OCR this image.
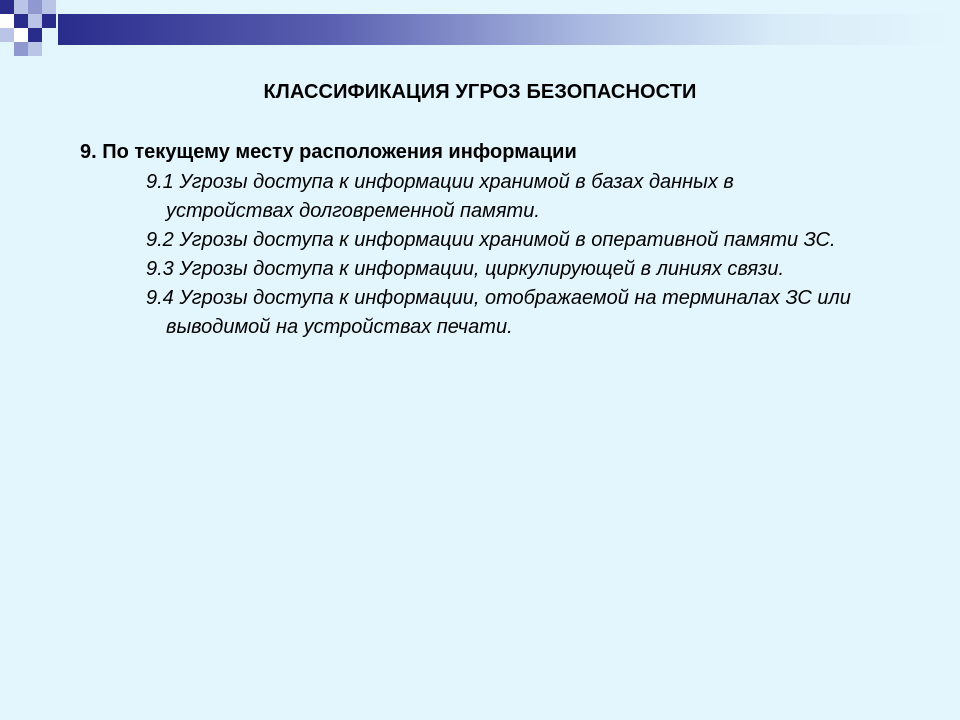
КЛАССИФИКАЦИЯ УГРОЗ БЕЗОПАСНОСТИ
9. По текущему месту расположения информации
9.1 Угрозы доступа к информации хранимой в базах данных в устройствах долговременной памяти.
9.2 Угрозы доступа к информации хранимой в оперативной памяти ЗС.
9.3 Угрозы доступа к информации, циркулирующей в линиях связи.
9.4 Угрозы доступа к информации, отображаемой на терминалах ЗС или выводимой на устройствах печати.
